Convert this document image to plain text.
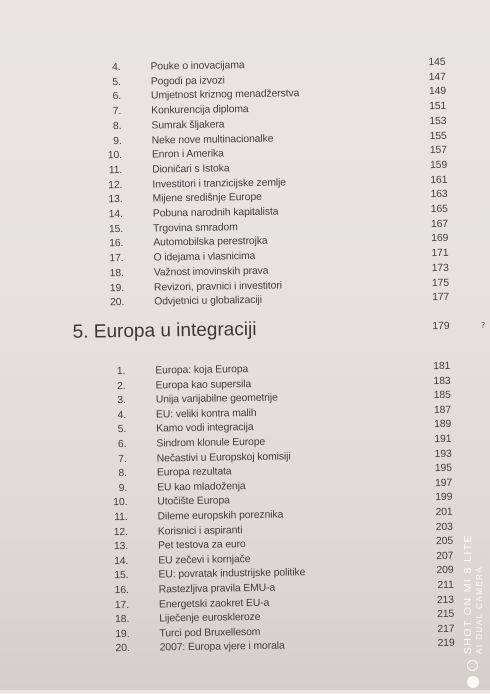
4.	Pouke o inovacijama	145
5.	Pogodi pa izvozi	147
6.	Umjetnost kriznog menadžerstva	149
7.	Konkurencija diploma	151
8.	Sumrak šljakera	153
9.	Neke nove multinacionalke	155
10.	Enron i Amerika	157
11.	Dioničari s Istoka	159
12.	Investitori i tranzicijske zemlje	161
13.	Mijene središnje Europe	163
14.	Pobuna narodnih kapitalista	165
15.	Trgovina smradom	167
16.	Automobilska perestrojka	169
17.	O idejama i vlasnicima	171
18.	Važnost imovinskih prava	173
19.	Revizori, pravnici i investitori	175
20.	Odvjetnici u globalizaciji	177
5. Europa u integraciji	179
1.	Europa: koja Europa	181
2.	Europa kao supersila	183
3.	Unija varijabilne geometrije	185
4.	EU: veliki kontra malih	187
5.	Kamo vodi integracija	189
6.	Sindrom klonule Europe	191
7.	Nečastivi u Europskoj komisiji	193
8.	Europa rezultata	195
9.	EU kao mladoženja	197
10.	Utočište Europa	199
11.	Dileme europskih poreznika	201
12.	Korisnici i aspiranti	203
13.	Pet testova za euro	205
14.	EU zečevi i kornjače	207
15.	EU: povratak industrijske politike	209
16.	Rastezljiva pravila EMU-a	211
17.	Energetski zaokret EU-a	213
18.	Liječenje euroskleroze	215
19.	Turci pod Bruxellesom	217
20.	2007: Europa vjere i morala	219
?
SHOT ON MI 8 LITE AI DUAL CAMERA
